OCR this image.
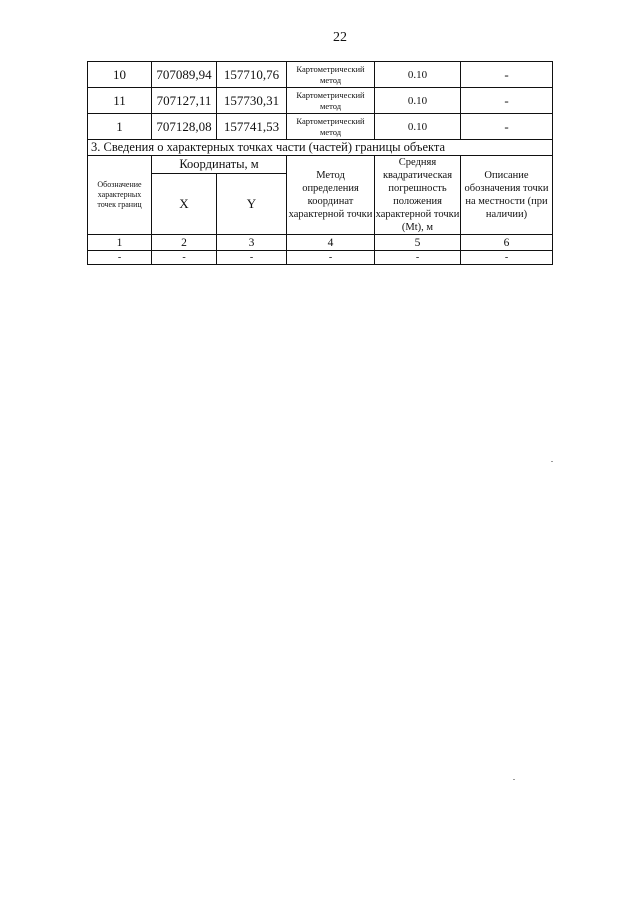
22
10	707089,94	157710,76	Картометрический метод	0.10	-
11	707127,11	157730,31	Картометрический метод	0.10	-
1	707128,08	157741,53	Картометрический метод	0.10	-
3. Сведения о характерных точках части (частей) границы объекта					
Обозначение характерных точек границ	Координаты, м		Метод определения координат характерной точки	Средняя квадратическая погрешность положения характерной точки (Mt), м	Описание обозначения точки на местности (при наличии)
	X	Y			
1	2	3	4	5	6
-	-	-	-	-	-
